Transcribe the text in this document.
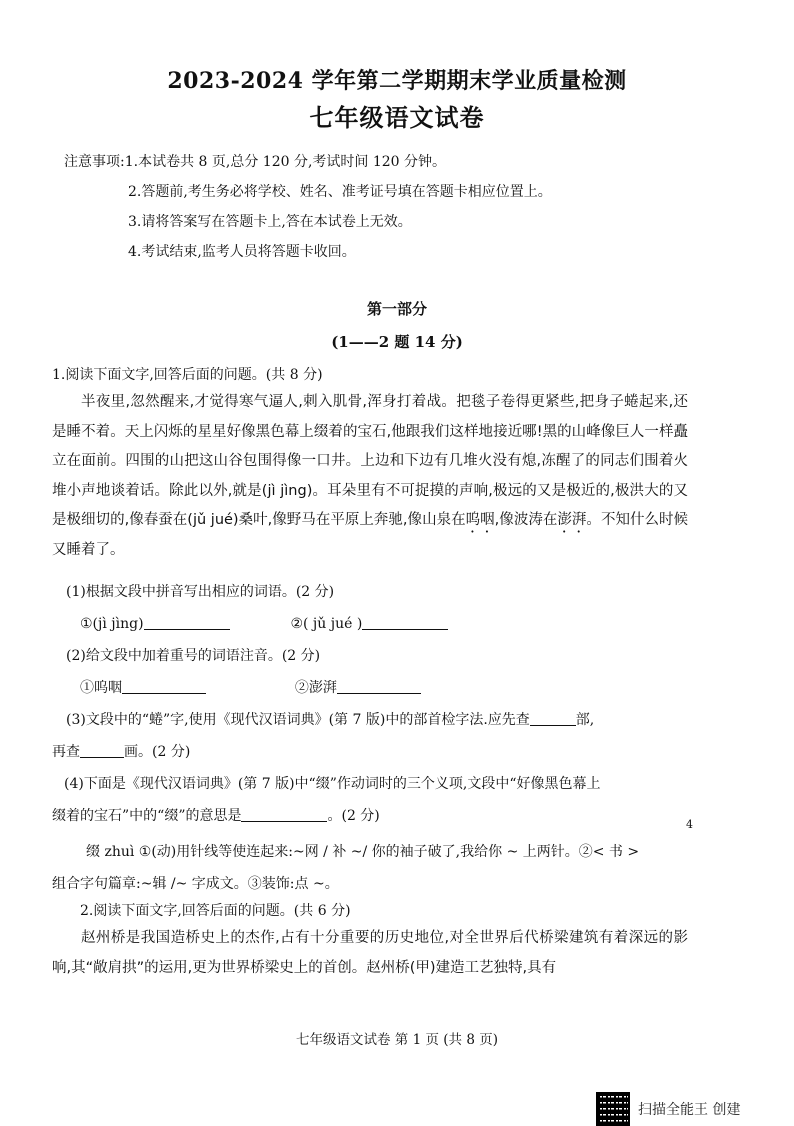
2023-2024 学年第二学期期末学业质量检测
七年级语文试卷
注意事项:1.本试卷共 8 页,总分 120 分,考试时间 120 分钟。
2.答题前,考生务必将学校、姓名、准考证号填在答题卡相应位置上。
3.请将答案写在答题卡上,答在本试卷上无效。
4.考试结束,监考人员将答题卡收回。
第一部分
(1——2 题 14 分)
1.阅读下面文字,回答后面的问题。(共 8 分)
半夜里,忽然醒来,才觉得寒气逼人,刺入肌骨,浑身打着战。把毯子卷得更紧些,把身子蜷起来,还是睡不着。天上闪烁的星星好像黑色幕上缀着的宝石,他跟我们这样地接近哪!黑的山峰像巨人一样矗立在面前。四围的山把这山谷包围得像一口井。上边和下边有几堆火没有熄,冻醒了的同志们围着火堆小声地谈着话。除此以外,就是(jì jìng)。耳朵里有不可捉摸的声响,极远的又是极近的,极洪大的又是极细切的,像春蚕在(jǔ jué)桑叶,像野马在平原上奔驰,像山泉在呜咽,像波涛在澎湃。不知什么时候又睡着了。
(1)根据文段中拼音写出相应的词语。(2 分)
①(jì jìng)	②( jǔ jué )
(2)给文段中加着重号的词语注音。(2 分)
①呜咽	②澎湃
(3)文段中的“蜷”字,使用《现代汉语词典》(第 7 版)中的部首检字法.应先查	部,
再查	画。(2 分)
(4)下面是《现代汉语词典》(第 7 版)中“缀”作动词时的三个义项,文段中“好像黑色幕上
缀着的宝石”中的“缀”的意思是	。(2 分)
缀 zhuì ①(动)用针线等使连起来:~网 / 补 ~/ 你的袖子破了,我给你 ~ 上两针。②< 书 >
组合字句篇章:~辑 /~ 字成文。③装饰:点 ~。
2.阅读下面文字,回答后面的问题。(共 6 分)
赵州桥是我国造桥史上的杰作,占有十分重要的历史地位,对全世界后代桥梁建筑有着深远的影响,其“敞肩拱”的运用,更为世界桥梁史上的首创。赵州桥(甲)建造工艺独特,具有
4
七年级语文试卷 第 1 页 (共 8 页)
扫描全能王 创建
